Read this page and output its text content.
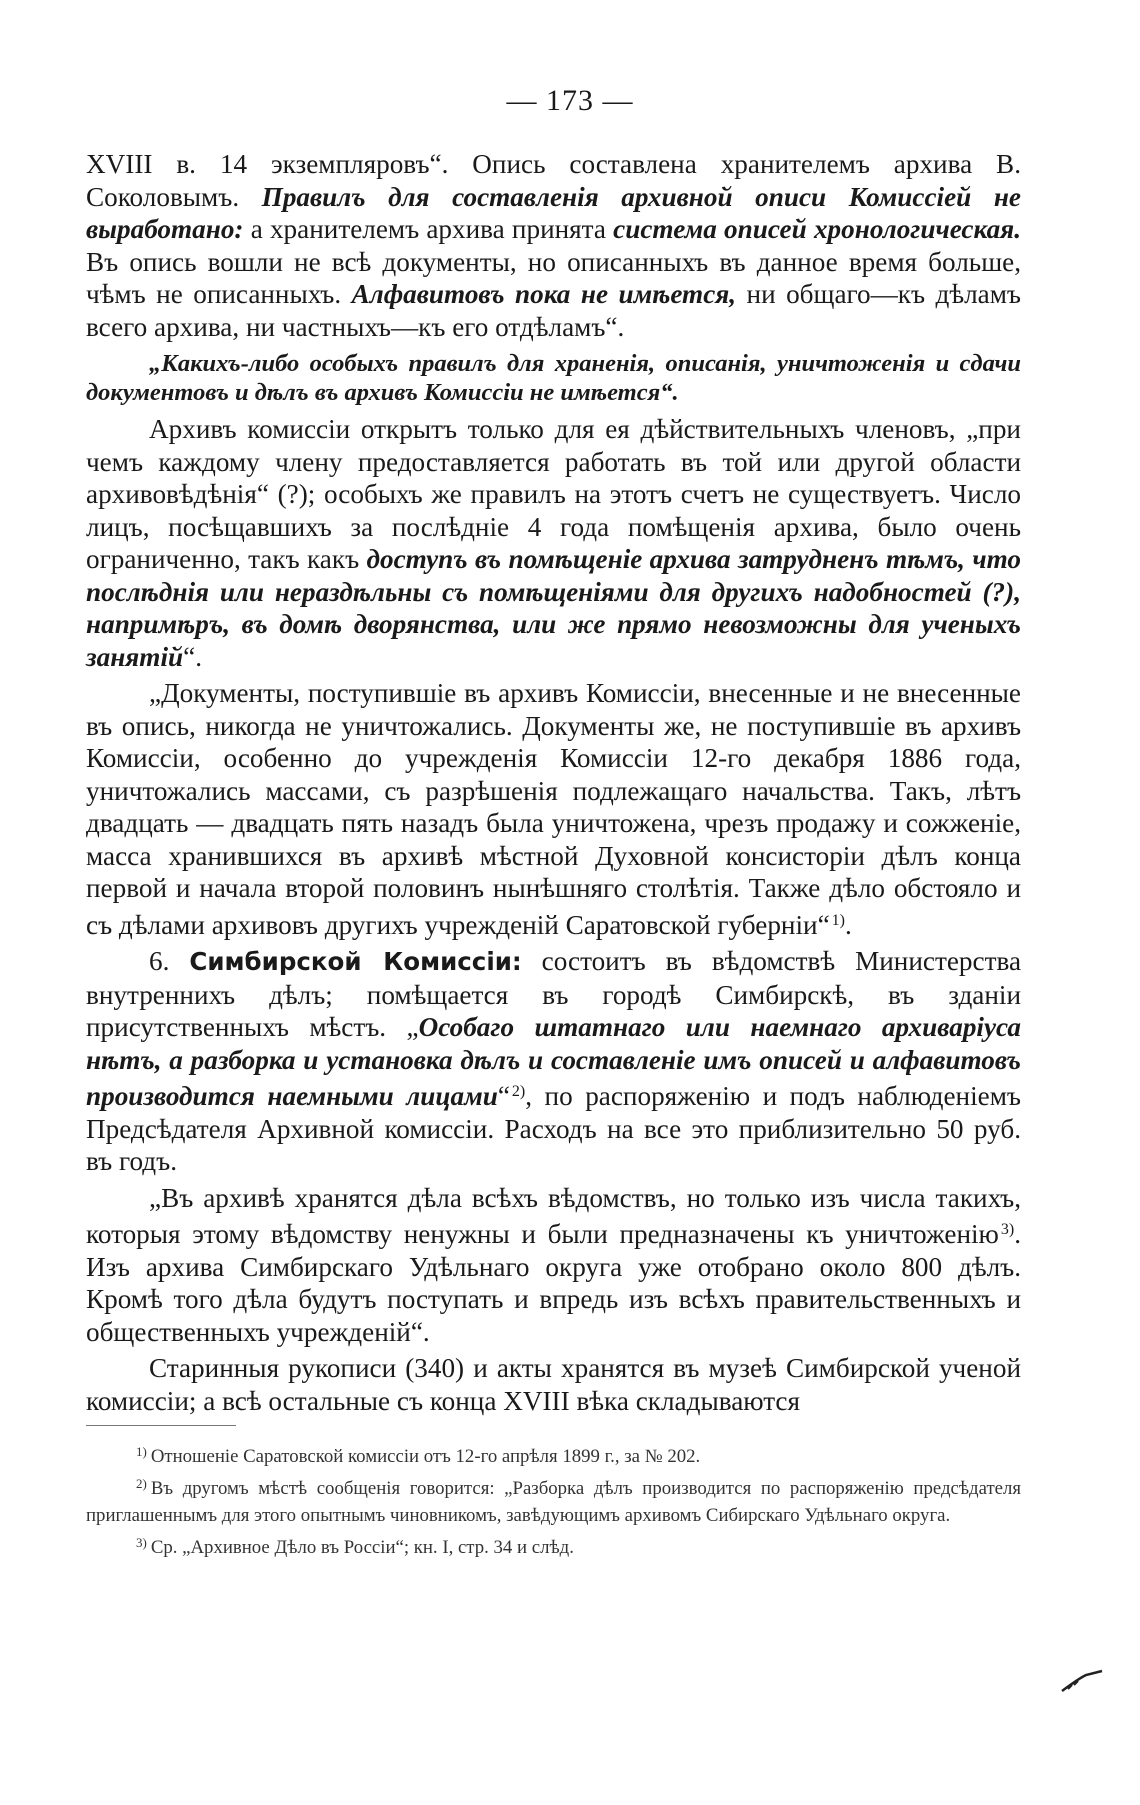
— 173 —

XVIII в. 14 экземпляровъ“. Опись составлена хранителемъ архива В. Соколовымъ. Правилъ для составленія архивной описи Комиссіей не выработано: а хранителемъ архива принята система описей хронологическая. Въ опись вошли не всѣ документы, но описанныхъ въ данное время больше, чѣмъ не описанныхъ. Алфавитовъ пока не имѣется, ни общаго—къ дѣламъ всего архива, ни частныхъ—къ его отдѣламъ“.

„Какихъ-либо особыхъ правилъ для храненія, описанія, уничтоженія и сдачи документовъ и дѣлъ въ архивъ Комиссіи не имѣется“.

Архивъ комиссіи открытъ только для ея дѣйствительныхъ членовъ, „при чемъ каждому члену предоставляется работать въ той или другой области архивовѣдѣнія“ (?); особыхъ же правилъ на этотъ счетъ не существуетъ. Число лицъ, посѣщавшихъ за послѣдніе 4 года помѣщенія архива, было очень ограниченно, такъ какъ доступъ въ помѣщеніе архива затрудненъ тѣмъ, что послѣднія или нераздѣльны съ помѣщеніями для другихъ надобностей (?), напримѣръ, въ домѣ дворянства, или же прямо невозможны для ученыхъ занятій“.

„Документы, поступившіе въ архивъ Комиссіи, внесенные и не внесенные въ опись, никогда не уничтожались. Документы же, не поступившіе въ архивъ Комиссіи, особенно до учрежденія Комиссіи 12-го декабря 1886 года, уничтожались массами, съ разрѣшенія подлежащаго начальства. Такъ, лѣтъ двадцать — двадцать пять назадъ была уничтожена, чрезъ продажу и сожженіе, масса хранившихся въ архивѣ мѣстной Духовной консисторіи дѣлъ конца первой и начала второй половинъ нынѣшняго столѣтія. Также дѣло обстояло и съ дѣлами архивовъ другихъ учрежденій Саратовской губерніи“ $^{1)}$.

6. Симбирской Комиссіи: состоитъ въ вѣдомствѣ Министерства внутреннихъ дѣлъ; помѣщается въ городѣ Симбирскѣ, въ зданіи присутственныхъ мѣстъ. „Особаго штатнаго или наемнаго архиваріуса нѣтъ, а разборка и установка дѣлъ и составленіе имъ описей и алфавитовъ производится наемными лицами“ $^{2)}$, по распоряженію и подъ наблюденіемъ Предсѣдателя Архивной комиссіи. Расходъ на все это приблизительно 50 руб. въ годъ.

„Въ архивѣ хранятся дѣла всѣхъ вѣдомствъ, но только изъ числа такихъ, которыя этому вѣдомству ненужны и были предназначены къ уничтоженію $^{3)}$. Изъ архива Симбирскаго Удѣльнаго округа уже отобрано около 800 дѣлъ. Кромѣ того дѣла будутъ поступать и впредь изъ всѣхъ правительственныхъ и общественныхъ учрежденій“.

Старинныя рукописи (340) и акты хранятся въ музеѣ Симбирской ученой комиссіи; а всѣ остальные съ конца XVIII вѣка складываются

$^{1)}$ Отношеніе Саратовской комиссіи отъ 12-го апрѣля 1899 г., за № 202.

$^{2)}$ Въ другомъ мѣстѣ сообщенія говорится: „Разборка дѣлъ производится по распоряженію предсѣдателя приглашеннымъ для этого опытнымъ чиновникомъ, завѣдующимъ архивомъ Сибирскаго Удѣльнаго округа.

$^{3)}$ Ср. „Архивное Дѣло въ Россіи“; кн. I, стр. 34 и слѣд.
